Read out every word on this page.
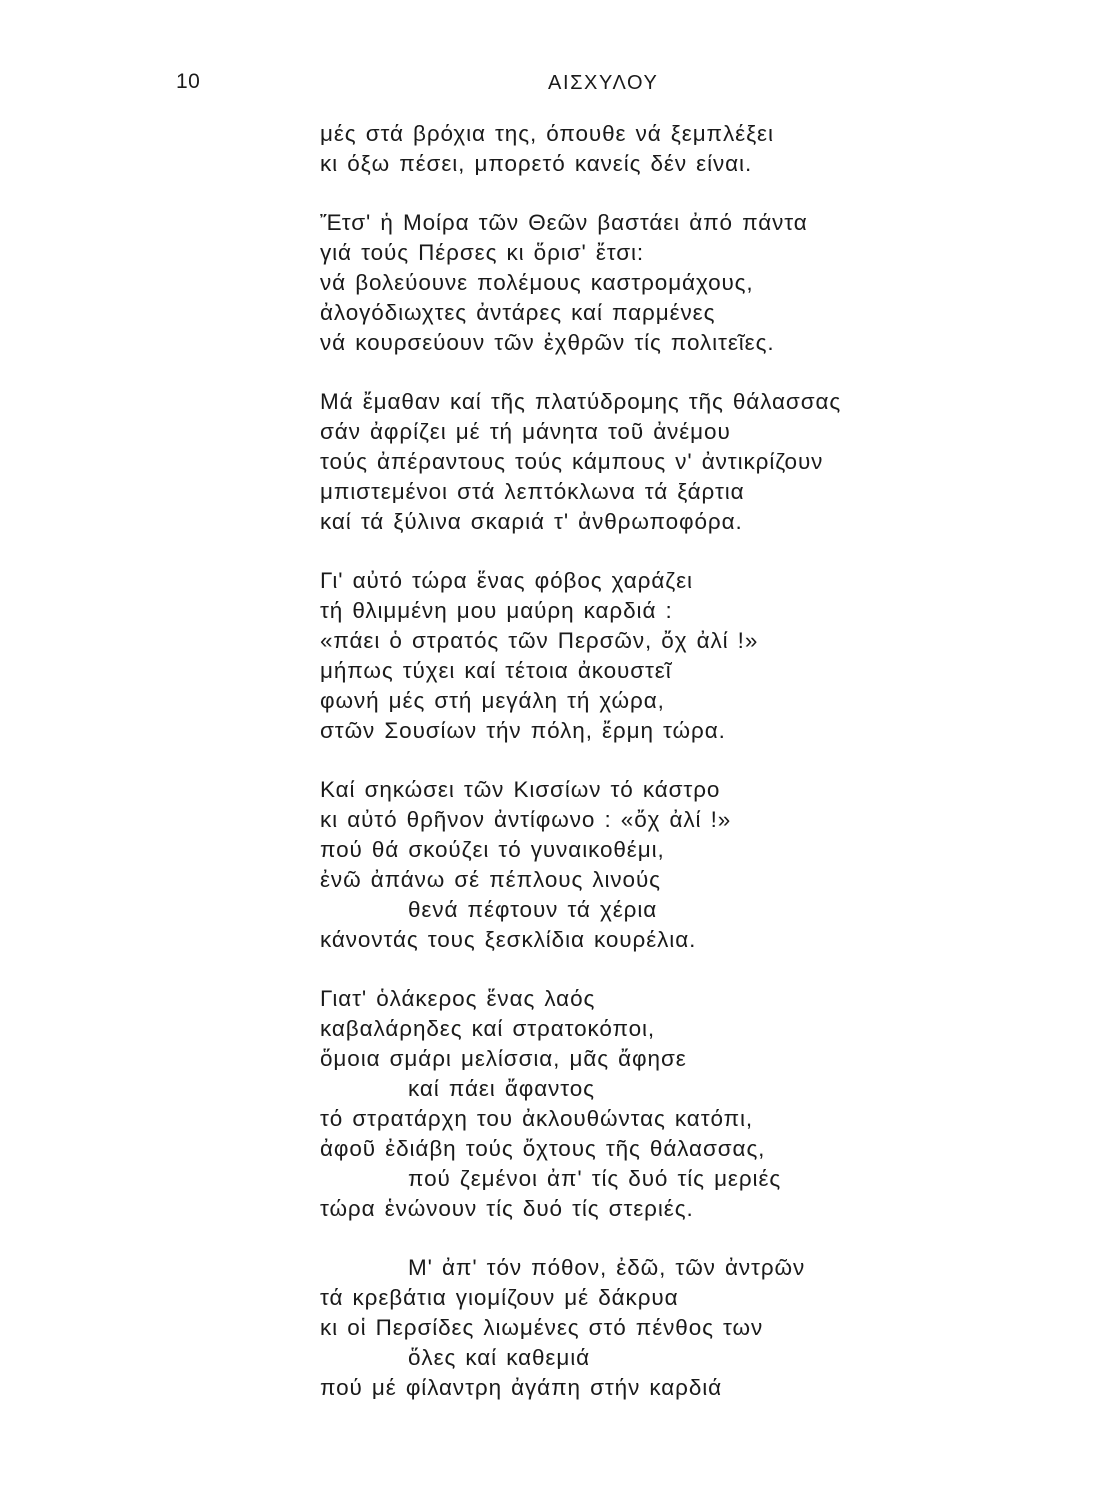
10	ΑΙΣΧΥΛΟΥ
μές στά βρόχια της, όπουθε νά ξεμπλέξει
κι όξω πέσει, μπορετό κανείς δέν είναι.
Ἔτσ' ἡ Μοίρα τῶν Θεῶν βαστάει ἀπό πάντα
γιά τούς Πέρσες κι ὅρισ' ἔτσι:
νά βολεύουνε πολέμους καστρομάχους,
ἀλογόδιωχτες ἀντάρες καί παρμένες
νά κουρσεύουν τῶν ἐχθρῶν τίς πολιτεῖες.
Μά ἔμαθαν καί τῆς πλατύδρομης τῆς θάλασσας
σάν ἀφρίζει μέ τή μάνητα τοῦ ἀνέμου
τούς ἀπέραντους τούς κάμπους ν' ἀντικρίζουν
μπιστεμένοι στά λεπτόκλωνα τά ξάρτια
καί τά ξύλινα σκαριά τ' ἀνθρωποφόρα.
Γι' αὐτό τώρα ἕνας φόβος χαράζει
τή θλιμμένη μου μαύρη καρδιά :
«πάει ὁ στρατός τῶν Περσῶν, ὄχ ἀλί !»
μήπως τύχει καί τέτοια ἀκουστεῖ
φωνή μές στή μεγάλη τή χώρα,
στῶν Σουσίων τήν πόλη, ἔρμη τώρα.
Καί σηκώσει τῶν Κισσίων τό κάστρο
κι αὐτό θρῆνον ἀντίφωνο : «ὄχ ἀλί !»
πού θά σκούζει τό γυναικοθέμι,
ἐνῶ ἀπάνω σέ πέπλους λινούς
θενά πέφτουν τά χέρια
κάνοντάς τους ξεσκλίδια κουρέλια.
Γιατ' ὁλάκερος ἕνας λαός
καβαλάρηδες καί στρατοκόποι,
ὅμοια σμάρι μελίσσια, μᾶς ἄφησε
καί πάει ἄφαντος
τό στρατάρχη του ἀκλουθώντας κατόπι,
ἀφοῦ ἐδιάβη τούς ὄχτους τῆς θάλασσας,
πού ζεμένοι ἀπ' τίς δυό τίς μεριές
τώρα ἑνώνουν τίς δυό τίς στεριές.
Μ' ἀπ' τόν πόθον, ἐδῶ, τῶν ἀντρῶν
τά κρεβάτια γιομίζουν μέ δάκρυα
κι οἱ Περσίδες λιωμένες στό πένθος των
ὅλες καί καθεμιά
πού μέ φίλαντρη ἀγάπη στήν καρδιά
